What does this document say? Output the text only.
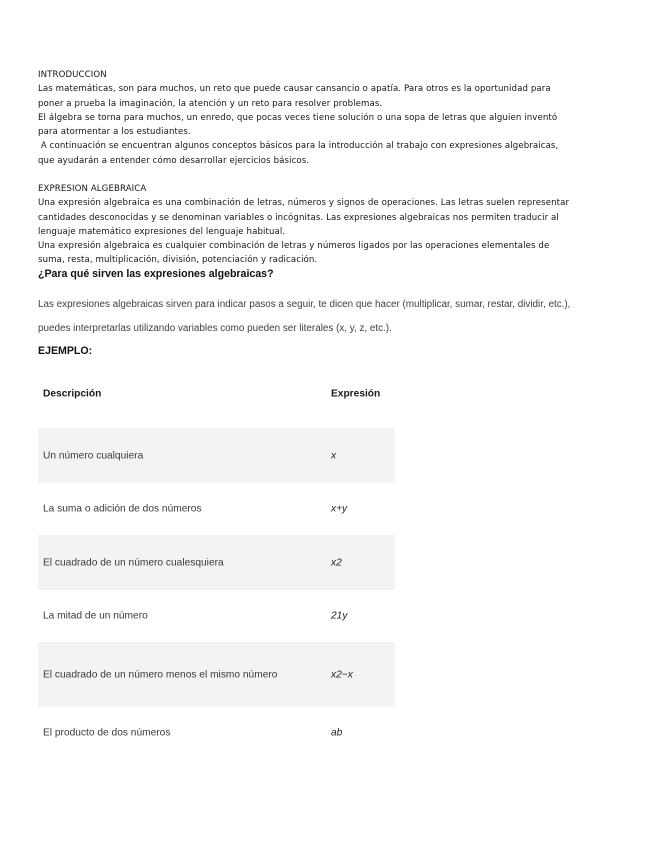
INTRODUCCION

Las matemáticas, son para muchos, un reto que puede causar cansancio o apatía. Para otros es la oportunidad para

poner a prueba la imaginación, la atención y un reto para resolver problemas.

El álgebra se torna para muchos, un enredo, que pocas veces tiene solución o una sopa de letras que alguien inventó

para atormentar a los estudiantes.

A continuación se encuentran algunos conceptos básicos para la introducción al trabajo con expresiones algebraicas,

que ayudarán a entender cómo desarrollar ejercicios básicos.

EXPRESION ALGEBRAICA

Una expresión algebraica es una combinación de letras, números y signos de operaciones. Las letras suelen representar

cantidades desconocidas y se denominan variables o incógnitas. Las expresiones algebraicas nos permiten traducir al

lenguaje matemático expresiones del lenguaje habitual.

Una expresión algebraica es cualquier combinación de letras y números ligados por las operaciones elementales de

suma, resta, multiplicación, división, potenciación y radicación.

¿Para qué sirven las expresiones algebraicas?

Las expresiones algebraicas sirven para indicar pasos a seguir, te dicen que hacer (multiplicar, sumar, restar, dividir, etc.),

puedes interpretarlas utilizando variables como pueden ser literales (x, y, z, etc.).

EJEMPLO:
Descripción	Expresión
Un número cualquiera	x
La suma o adición de dos números	x+y
El cuadrado de un número cualesquiera	x2
La mitad de un número	21y
El cuadrado de un número menos el mismo número	x2−x
El producto de dos números	ab
